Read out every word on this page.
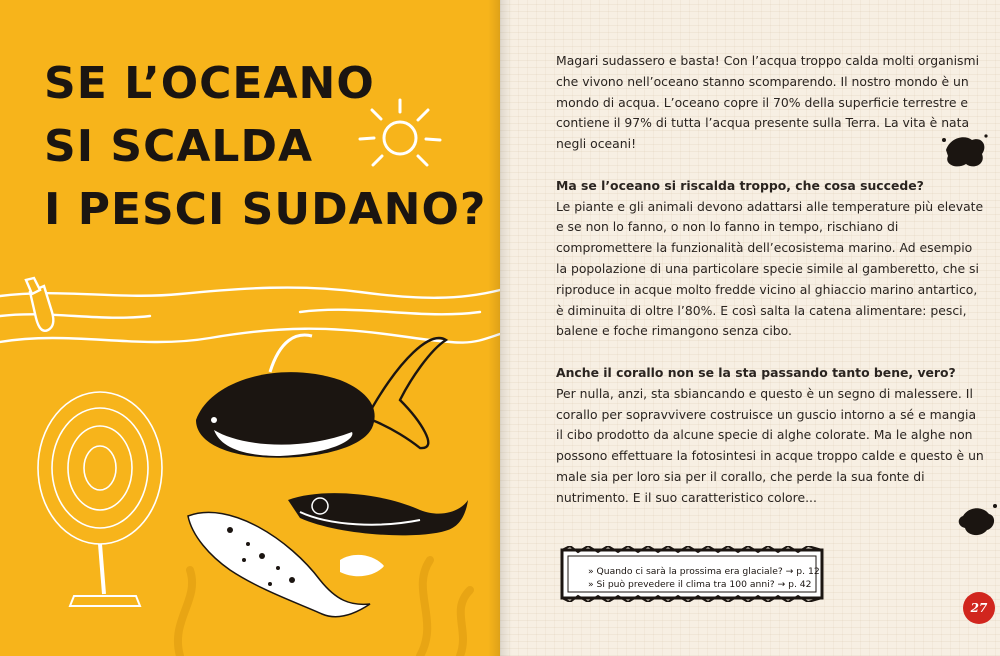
SE L’OCEANO
SI SCALDA
I PESCI SUDANO?

Magari sudassero e basta! Con l’acqua troppo calda molti organismi che vivono nell’oceano stanno scomparendo. Il nostro mondo è un mondo di acqua. L’oceano copre il 70% della superficie terrestre e contiene il 97% di tutta l’acqua presente sulla Terra. La vita è nata negli oceani!

Ma se l’oceano si riscalda troppo, che cosa succede?
Le piante e gli animali devono adattarsi alle temperature più elevate e se non lo fanno, o non lo fanno in tempo, rischiano di compromettere la funzionalità dell’ecosistema marino. Ad esempio la popolazione di una particolare specie simile al gamberetto, che si riproduce in acque molto fredde vicino al ghiaccio marino antartico, è diminuita di oltre l’80%. E così salta la catena alimentare: pesci, balene e foche rimangono senza cibo.

Anche il corallo non se la sta passando tanto bene, vero?
Per nulla, anzi, sta sbiancando e questo è un segno di malessere. Il corallo per sopravvivere costruisce un guscio intorno a sé e mangia il cibo prodotto da alcune specie di alghe colorate. Ma le alghe non possono effettuare la fotosintesi in acque troppo calde e questo è un male sia per loro sia per il corallo, che perde la sua fonte di nutrimento. E il suo caratteristico colore...

» Quando ci sarà la prossima era glaciale? → p. 12
» Si può prevedere il clima tra 100 anni? → p. 42
27
